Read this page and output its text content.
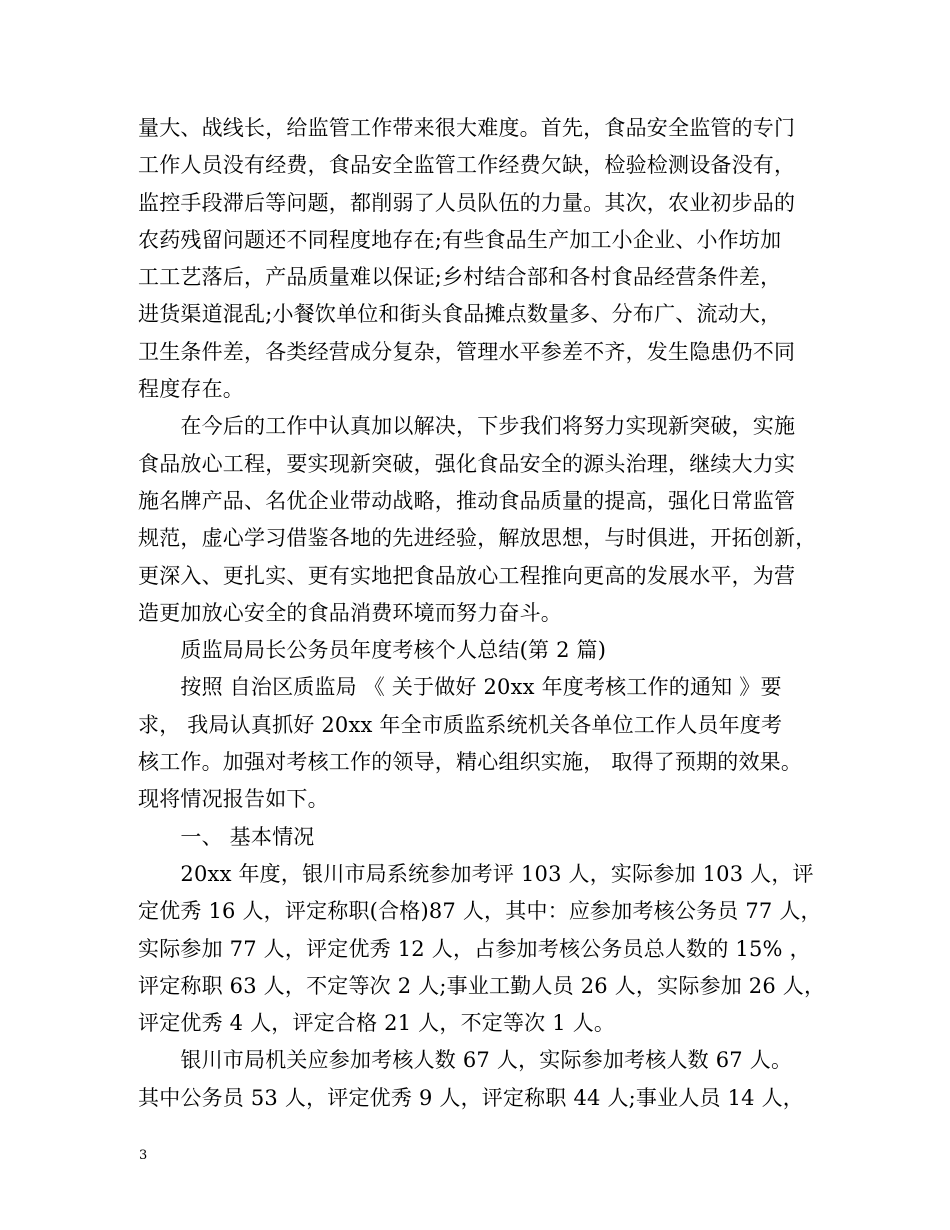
量大、战线长，给监管工作带来很大难度。首先，食品安全监管的专门
工作人员没有经费，食品安全监管工作经费欠缺，检验检测设备没有，
监控手段滞后等问题，都削弱了人员队伍的力量。其次，农业初步品的
农药残留问题还不同程度地存在;有些食品生产加工小企业、小作坊加
工工艺落后，产品质量难以保证;乡村结合部和各村食品经营条件差，
进货渠道混乱;小餐饮单位和街头食品摊点数量多、分布广、流动大，
卫生条件差，各类经营成分复杂，管理水平参差不齐，发生隐患仍不同
程度存在。
　　在今后的工作中认真加以解决，下步我们将努力实现新突破，实施
食品放心工程，要实现新突破，强化食品安全的源头治理，继续大力实
施名牌产品、名优企业带动战略，推动食品质量的提高，强化日常监管
规范，虚心学习借鉴各地的先进经验，解放思想，与时俱进，开拓创新，
更深入、更扎实、更有实地把食品放心工程推向更高的发展水平，为营
造更加放心安全的食品消费环境而努力奋斗。
　　质监局局长公务员年度考核个人总结(第 2 篇)
　　按照 自治区质监局 《 关于做好 20xx 年度考核工作的通知 》要
求， 我局认真抓好 20xx 年全市质监系统机关各单位工作人员年度考
核工作。加强对考核工作的领导，精心组织实施， 取得了预期的效果。
现将情况报告如下。
　　一、 基本情况
　　20xx 年度，银川市局系统参加考评 103 人，实际参加 103 人，评
定优秀 16 人，评定称职(合格)87 人，其中：应参加考核公务员 77 人，
实际参加 77 人，评定优秀 12 人，占参加考核公务员总人数的 15% ，
评定称职 63 人，不定等次 2 人;事业工勤人员 26 人，实际参加 26 人，
评定优秀 4 人，评定合格 21 人，不定等次 1 人。
　　银川市局机关应参加考核人数 67 人，实际参加考核人数 67 人。
其中公务员 53 人，评定优秀 9 人，评定称职 44 人;事业人员 14 人，
3
